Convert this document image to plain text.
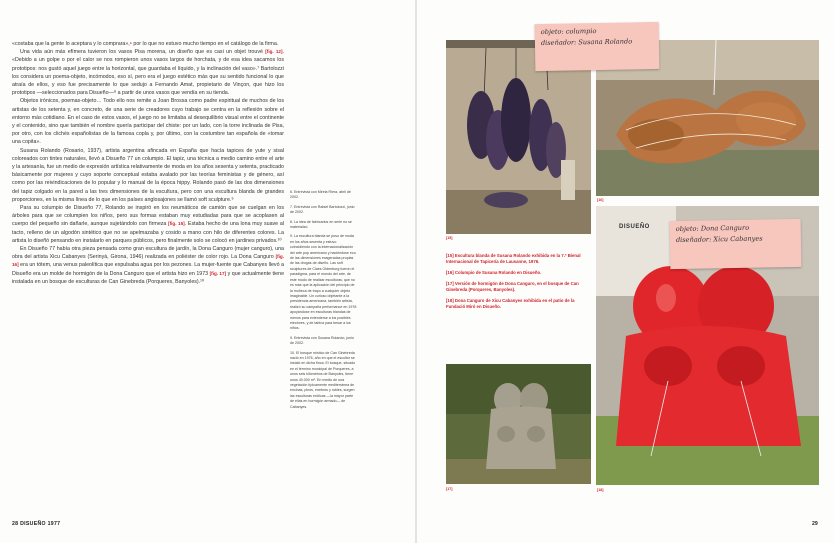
«costaba que la gente lo aceptara y lo comprara»,⁶ por lo que no estuvo mucho tiempo en el catálogo de la firma.

Una vida aún más efímera tuvieron los vasos Pisa morena, un diseño que es casi un objet trouvé [fig. 12]. «Debido a un golpe o por el calor se nos rompieron unos vasos largos de horchata, y de esa idea sacamos los prototipos: nos gustó aquel juego entre la horizontal, que guardaba el líquido, y la inclinación del vaso».⁷ Bartolozzi los considera un poema-objeto, incómodos, eso sí, pero era el juego estético más que su sentido funcional lo que atraía de ellos, y eso fue precisamente lo que sedujo a Fernando Amat, propietario de Vinçon, que hizo los prototipos —seleccionados para Disueño—⁸ a partir de unos vasos que vendía en su tienda.

Objetos irónicos, poemas-objeto… Todo ello nos remite a Joan Brossa como padre espiritual de muchos de los artistas de los setenta y, en concreto, de una serie de creadores cuyo trabajo se centra en la reflexión sobre el entorno más cotidiano. En el caso de estos vasos, el juego no se limitaba al desequilibrio visual entre el continente y el contenido, sino que también el nombre quería participar del chiste: por un lado, con la torre inclinada de Pisa, por otro, con los clichés españolistas de la famosa copla y, por último, con la costumbre tan española de «tomar una copita».

Susana Rolando (Rosario, 1937), artista argentina afincada en España que hacía tapices de yute y sisal coloreados con tintes naturales, llevó a Disueño 77 un columpio. El tapiz, una técnica a medio camino entre el arte y la artesanía, fue un medio de expresión artística relativamente de moda en los años sesenta y setenta, practicado básicamente por mujeres y cuyo soporte conceptual estaba avalado por las teorías feministas y de género, así como por las reivindicaciones de lo popular y lo manual de la época hippy. Rolando pasó de las dos dimensiones del tapiz colgado en la pared a las tres dimensiones de la escultura, pero con una escultura blanda de grandes proporciones, en la misma línea de lo que en los países anglosajones se llamó soft sculpture.⁹

Para su columpio de Disueño 77, Rolando se inspiró en los neumáticos de camión que se cuelgan en los árboles para que se columpien los niños, pero sus formas estaban muy estudiadas para que se acoplasen al cuerpo del pequeño sin dañarle, aunque sujetándolo con firmeza [fig. 15]. Estaba hecho de una lona muy suave al tacto, relleno de un algodón sintético que no se apelmazaba y cosido a mano con hilo de diferentes colores. La artista lo diseñó pensando en instalarlo en parques públicos, pero finalmente solo se colocó en jardines privados.¹⁰

En Disueño 77 había otra pieza pensada como gran escultura de jardín, la Dona Canguro (mujer canguro), una obra del artista Xicu Cabanyes (Serinyà, Girona, 1946) realizada en poliéster de color rojo. La Dona Canguro [fig. 16] era un tótem, una venus paleolítica que expulsaba agua por los pezones. La mujer-fuente que Cabanyes llevó a Disueño era un molde de hormigón de la Dona Canguro que el artista hizo en 1973 [fig. 17] y que actualmente tiene instalada en un bosque de esculturas de Can Ginebreda (Porqueres, Banyoles).¹⁰

6. Entrevista con Mireia Riera, abril de 2002.

7. Entrevista con Rafael Bartolozzi, junio de 2002.

8. La idea de fabricarlos en serie no se materializó.

9. La escultura blanda se puso de moda en los años sesenta y estuvo coincidiendo con la internacionalización del arte pop americano y haciéndose eco de las dimensiones exageradas propias de las drogas de diseño. Las soft sculptures de Claes Oldenburg fueron el paradigma, para el mundo del arte, de este modo de realizar esculturas, que no es más que la aplicación del principio de la muñeca de trapo a cualquier objeto imaginable. Un curioso objetante a la presidencia americana, también artista, realizó su campaña performance en 1978 apoyándose en esculturas blandas de menos para extenderse a los posibles electores, y de tabica para besar a los niños.

9. Entrevista con Susana Rolando, junio de 2002.

10. El bosque místico de Can Ginebreda nació en 1976, año en que el escultor se instaló en dicha finca. El bosque, situado en el término municipal de Porqueres, a unos seis kilómetros de Banyoles, tiene unos 40.000 m². En medio de una vegetación típicamente mediterránea de encinas, pinos, enebros y robles, surgen las esculturas eróticas —la mayor parte de ellas en hormigón armado— de Cabanyes.

28 DISUEÑO 1977
[15]
[16]
objeto: columpio
diseñador: Susana Rolando

[15] Escultura blanda de Susana Rolando exhibida en la 7.ª Bienal Internacional de Tapicería de Lausanne, 1976.

[16] Columpio de Susana Rolando en Disueño.

[17] Versión de hormigón de Dona Canguro, en el bosque de Can Ginebreda (Porqueres, Banyoles).

[18] Dona Canguro de Xicu Cabanyes exhibida en el patio de la Fundació Miró en Disueño.

[17]	[18]
DISUEÑO	objeto: Dona Canguro
diseñador: Xicu Cabanyes
29
